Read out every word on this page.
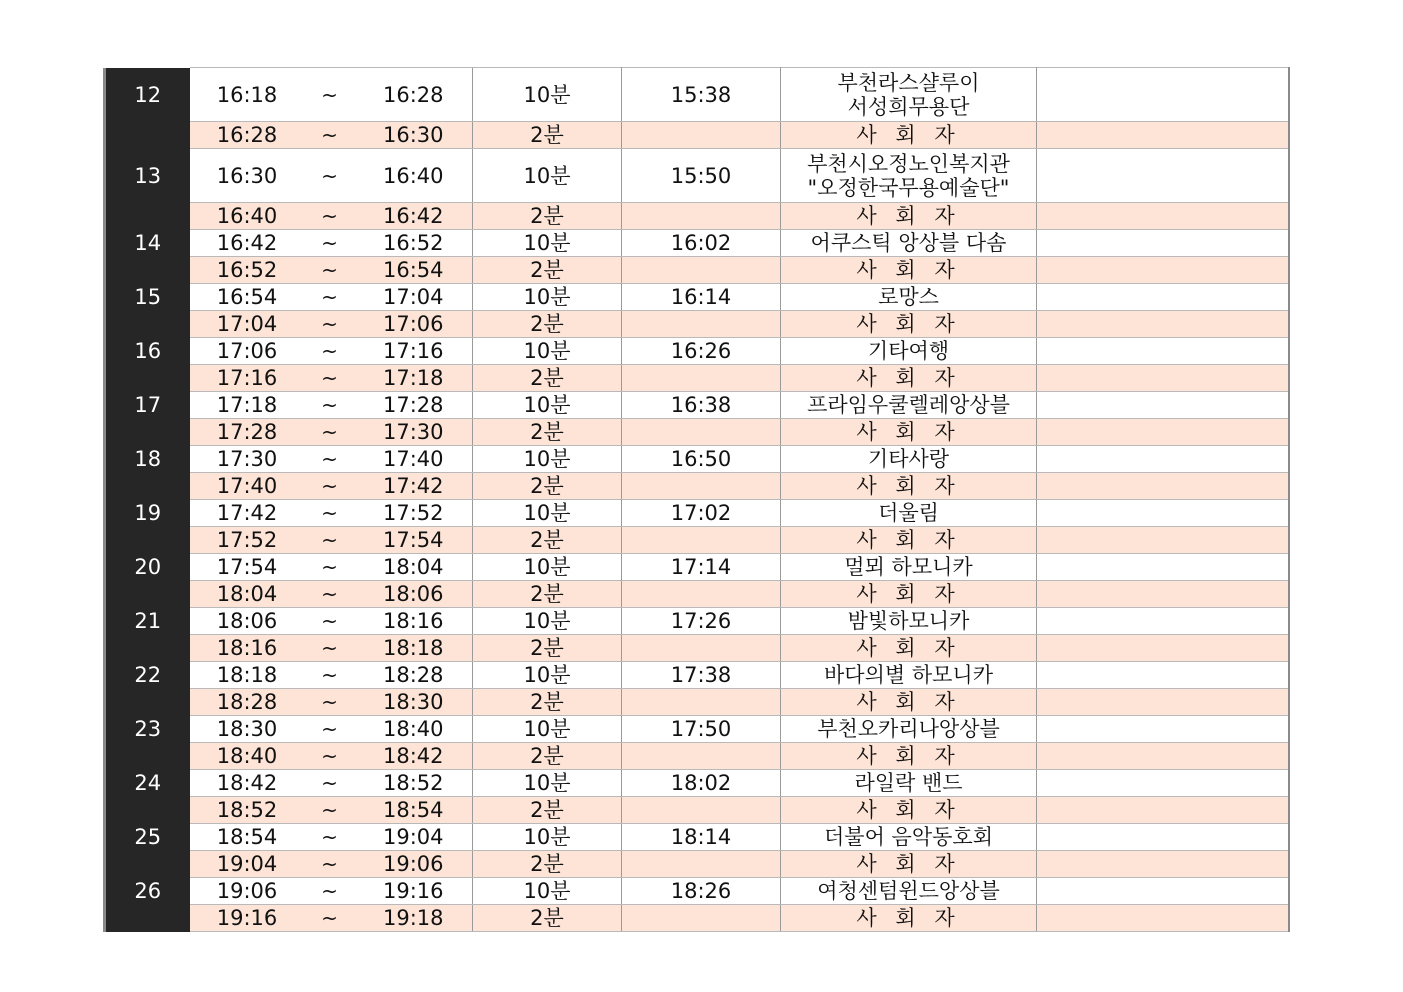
12	16:18	~	16:28	10분	15:38	부천라스샬루이
서성희무용단	

	16:28	~	16:30	2분		사 회 자	

13	16:30	~	16:40	10분	15:50	부천시오정노인복지관
"오정한국무용예술단"	

	16:40	~	16:42	2분		사 회 자	

14	16:42	~	16:52	10분	16:02	어쿠스틱 앙상블 다솜	

	16:52	~	16:54	2분		사 회 자	

15	16:54	~	17:04	10분	16:14	로망스	

	17:04	~	17:06	2분		사 회 자	

16	17:06	~	17:16	10분	16:26	기타여행	

	17:16	~	17:18	2분		사 회 자	

17	17:18	~	17:28	10분	16:38	프라임우쿨렐레앙상블	

	17:28	~	17:30	2분		사 회 자	

18	17:30	~	17:40	10분	16:50	기타사랑	

	17:40	~	17:42	2분		사 회 자	

19	17:42	~	17:52	10분	17:02	더울림	

	17:52	~	17:54	2분		사 회 자	

20	17:54	~	18:04	10분	17:14	멀뫼 하모니카	

	18:04	~	18:06	2분		사 회 자	

21	18:06	~	18:16	10분	17:26	밤빛하모니카	

	18:16	~	18:18	2분		사 회 자	

22	18:18	~	18:28	10분	17:38	바다의별 하모니카	

	18:28	~	18:30	2분		사 회 자	

23	18:30	~	18:40	10분	17:50	부천오카리나앙상블	

	18:40	~	18:42	2분		사 회 자	

24	18:42	~	18:52	10분	18:02	라일락 밴드	

	18:52	~	18:54	2분		사 회 자	

25	18:54	~	19:04	10분	18:14	더불어 음악동호회	

	19:04	~	19:06	2분		사 회 자	

26	19:06	~	19:16	10분	18:26	여청센텀윈드앙상블	

	19:16	~	19:18	2분		사 회 자	
